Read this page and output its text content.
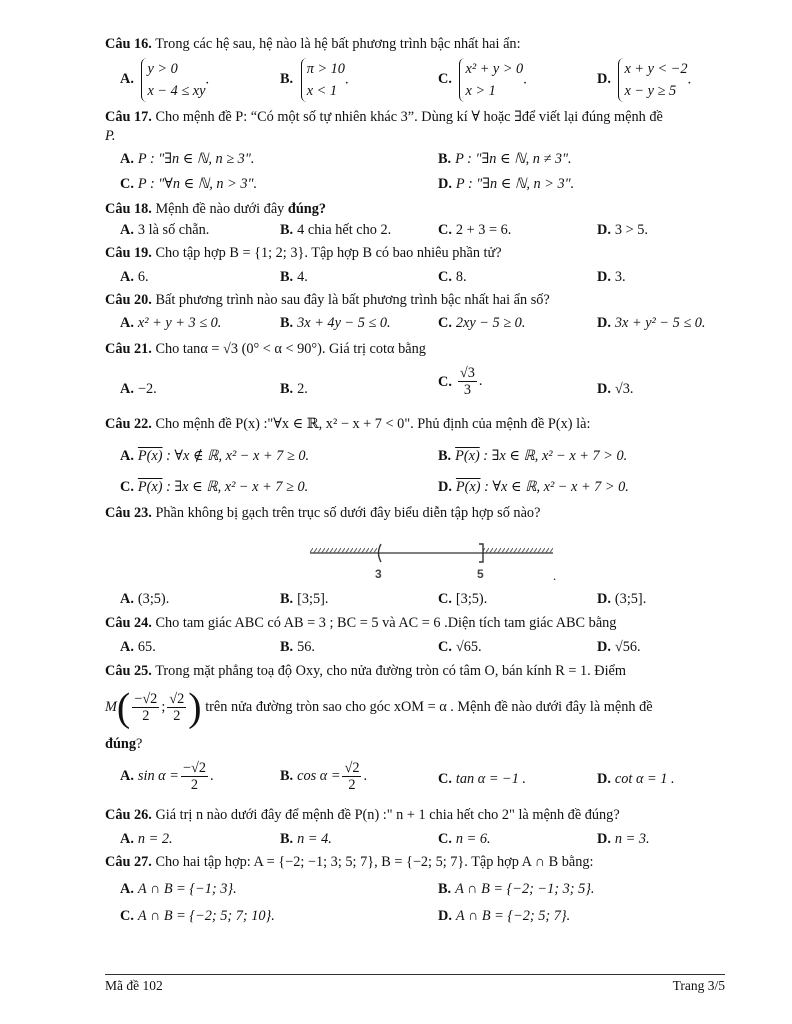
Câu 16. Trong các hệ sau, hệ nào là hệ bất phương trình bậc nhất hai ẩn:
A.
y > 0
x − 4 ≤ xy
.	B.
π > 10
x < 1
.	C.
x² + y > 0
x > 1
.	D.
x + y < −2
x − y ≥ 5
.
Câu 17. Cho mệnh đề P: “Có một số tự nhiên khác 3”. Dùng kí ∀ hoặc ∃để viết lại đúng mệnh đề
P.
A. P : "∃n ∈ ℕ, n ≥ 3".	B. P : "∃n ∈ ℕ, n ≠ 3".
C. P : "∀n ∈ ℕ, n > 3".	D. P : "∃n ∈ ℕ, n > 3".
Câu 18. Mệnh đề nào dưới đây đúng?
A. 3 là số chẵn.	B. 4 chia hết cho 2.	C. 2 + 3 = 6.	D. 3 > 5.
Câu 19. Cho tập hợp B = {1; 2; 3}. Tập hợp B có bao nhiêu phần tử?
A. 6.	B. 4.	C. 8.	D. 3.
Câu 20. Bất phương trình nào sau đây là bất phương trình bậc nhất hai ẩn số?
A. x² + y + 3 ≤ 0.	B. 3x + 4y − 5 ≤ 0.	C. 2xy − 5 ≥ 0.	D. 3x + y² − 5 ≤ 0.
Câu 21. Cho tanα = √3 (0° < α < 90°). Giá trị cotα bằng
A. −2.	B. 2.	C. $\frac{√3}{3}$ .
D. √3.
Câu 22. Cho mệnh đề P(x) :"∀x ∈ ℝ, x² − x + 7 < 0". Phủ định của mệnh đề P(x) là:
A. P(x) : ∀x ∉ ℝ, x² − x + 7 ≥ 0.	B. P(x) : ∃x ∈ ℝ, x² − x + 7 > 0.
C. P(x) : ∃x ∈ ℝ, x² − x + 7 ≥ 0.	D. P(x) : ∀x ∈ ℝ, x² − x + 7 > 0.
Câu 23. Phần không bị gạch trên trục số dưới đây biểu diễn tập hợp số nào?
3	5	.
A. (3;5).	B. [3;5].	C. [3;5).	D. (3;5].
Câu 24. Cho tam giác ABC có AB = 3 ; BC = 5 và AC = 6 .Diện tích tam giác ABC bằng
A. 65.	B. 56.	C. √65.	D. √56.
Câu 25. Trong mặt phẳng toạ độ Oxy, cho nửa đường tròn có tâm O, bán kính R = 1. Điểm
$M( \frac{-√2}{2}$ ; $\frac{√2}{2}$ ) trên nửa đường tròn sao cho góc xOM = α . Mệnh đề nào dưới đây là mệnh đề
đúng?
A. $\sin \alpha = \frac{-√2}{2}$ .	B. $\cos \alpha = \frac{√2}{2}$ .	C. tan α = −1 .	D. cot α = 1 .
Câu 26. Giá trị n nào dưới đây để mệnh đề P(n) :" n + 1 chia hết cho 2" là mệnh đề đúng?
A. n = 2.	B. n = 4.	C. n = 6.	D. n = 3.
Câu 27. Cho hai tập hợp: A = {−2; −1; 3; 5; 7}, B = {−2; 5; 7}. Tập hợp A ∩ B bằng:
A. A ∩ B = {−1; 3}.	B. A ∩ B = {−2; −1; 3; 5}.
C. A ∩ B = {−2; 5; 7; 10}.	D. A ∩ B = {−2; 5; 7}.
Mã đề 102	Trang 3/5
